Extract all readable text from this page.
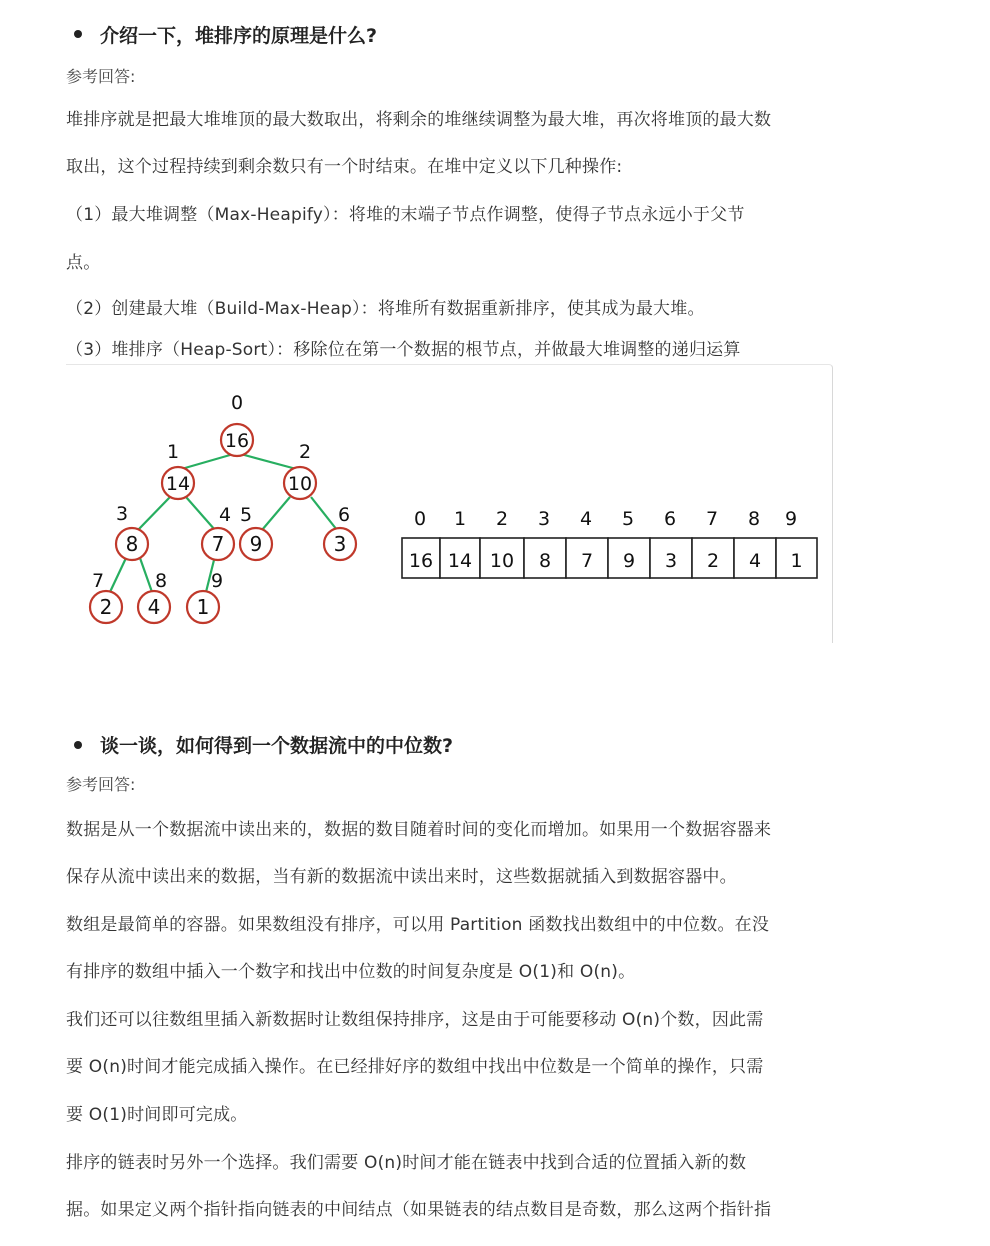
介绍一下，堆排序的原理是什么?
参考回答:
堆排序就是把最大堆堆顶的最大数取出，将剩余的堆继续调整为最大堆，再次将堆顶的最大数
取出，这个过程持续到剩余数只有一个时结束。在堆中定义以下几种操作:
（1）最大堆调整（Max-Heapify）：将堆的末端子节点作调整，使得子节点永远小于父节
点。
（2）创建最大堆（Build-Max-Heap）：将堆所有数据重新排序，使其成为最大堆。
（3）堆排序（Heap-Sort）：移除位在第一个数据的根节点，并做最大堆调整的递归运算
16
14	10
8	7 9	3
2 4 1
0
1	2
3	4 5	6
7	8 9
0 1 2 3 4 5 6 7 8 9
16 14 10 8 7 9 3 2 4 1
谈一谈，如何得到一个数据流中的中位数?
参考回答:
数据是从一个数据流中读出来的，数据的数目随着时间的变化而增加。如果用一个数据容器来
保存从流中读出来的数据，当有新的数据流中读出来时，这些数据就插入到数据容器中。
数组是最简单的容器。如果数组没有排序，可以用 Partition 函数找出数组中的中位数。在没
有排序的数组中插入一个数字和找出中位数的时间复杂度是 O(1)和 O(n)。
我们还可以往数组里插入新数据时让数组保持排序，这是由于可能要移动 O(n)个数，因此需
要 O(n)时间才能完成插入操作。在已经排好序的数组中找出中位数是一个简单的操作，只需
要 O(1)时间即可完成。
排序的链表时另外一个选择。我们需要 O(n)时间才能在链表中找到合适的位置插入新的数
据。如果定义两个指针指向链表的中间结点（如果链表的结点数目是奇数，那么这两个指针指
